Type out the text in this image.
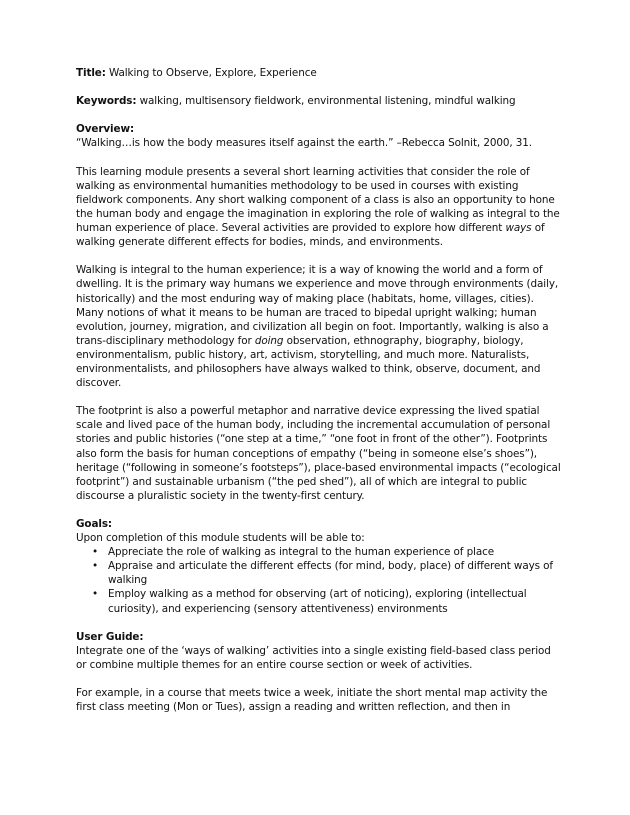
Title: Walking to Observe, Explore, Experience

Keywords: walking, multisensory fieldwork, environmental listening, mindful walking

Overview:
“Walking…is how the body measures itself against the earth.” –Rebecca Solnit, 2000, 31.

This learning module presents a several short learning activities that consider the role of walking as environmental humanities methodology to be used in courses with existing fieldwork components. Any short walking component of a class is also an opportunity to hone the human body and engage the imagination in exploring the role of walking as integral to the human experience of place. Several activities are provided to explore how different ways of walking generate different effects for bodies, minds, and environments.

Walking is integral to the human experience; it is a way of knowing the world and a form of dwelling. It is the primary way humans we experience and move through environments (daily, historically) and the most enduring way of making place (habitats, home, villages, cities). Many notions of what it means to be human are traced to bipedal upright walking; human evolution, journey, migration, and civilization all begin on foot. Importantly, walking is also a trans-disciplinary methodology for doing observation, ethnography, biography, biology, environmentalism, public history, art, activism, storytelling, and much more. Naturalists, environmentalists, and philosophers have always walked to think, observe, document, and discover.

The footprint is also a powerful metaphor and narrative device expressing the lived spatial scale and lived pace of the human body, including the incremental accumulation of personal stories and public histories (“one step at a time,” “one foot in front of the other”). Footprints also form the basis for human conceptions of empathy (“being in someone else’s shoes”), heritage (“following in someone’s footsteps”), place-based environmental impacts (“ecological footprint”) and sustainable urbanism (“the ped shed”), all of which are integral to public discourse a pluralistic society in the twenty-first century.

Goals:
Upon completion of this module students will be able to:

• Appreciate the role of walking as integral to the human experience of place
• Appraise and articulate the different effects (for mind, body, place) of different ways of walking
• Employ walking as a method for observing (art of noticing), exploring (intellectual curiosity), and experiencing (sensory attentiveness) environments

User Guide:
Integrate one of the ‘ways of walking’ activities into a single existing field-based class period or combine multiple themes for an entire course section or week of activities.

For example, in a course that meets twice a week, initiate the short mental map activity the first class meeting (Mon or Tues), assign a reading and written reflection, and then in
